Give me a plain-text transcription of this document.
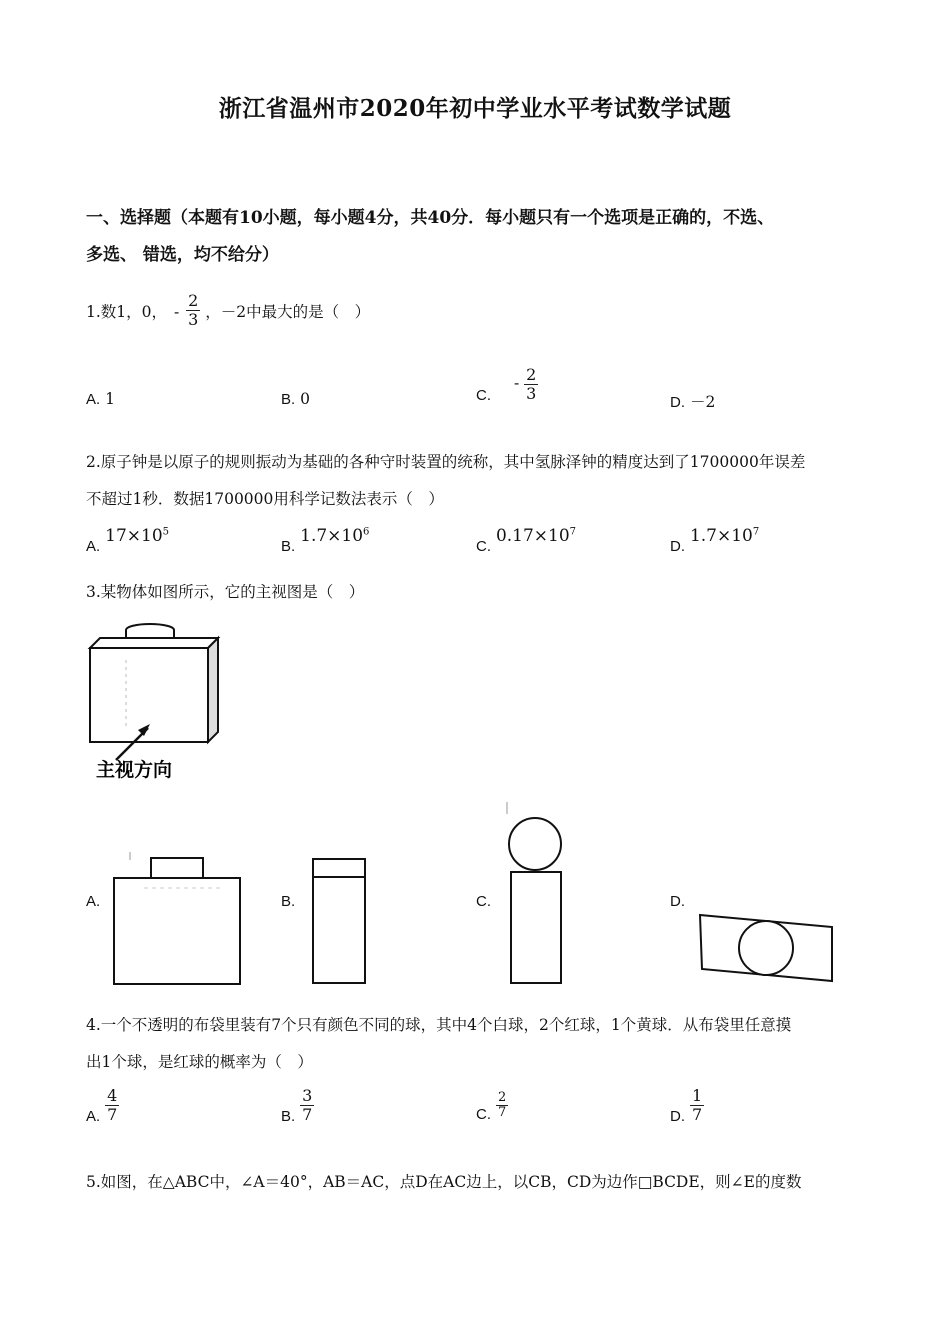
浙江省温州市2020年初中学业水平考试数学试题
一、选择题（本题有10小题，每小题4分，共40分．每小题只有一个选项是正确的，不选、
多选、 错选，均不给分）
1.数1，0， - $\frac{2}{3}$ ，－2中最大的是（　）
A. 1	B. 0	C. - $\frac{2}{3}$
D. －2
2.原子钟是以原子的规则振动为基础的各种守时装置的统称，其中氢脉泽钟的精度达到了1700000年误差
不超过1秒．数据1700000用科学记数法表示（　）
A. $17\times 10^5$
B. $1.7\times 10^6$
C. $0.17\times 10^7$
D. $1.7\times 10^7$
3.某物体如图所示，它的主视图是（　）
主视方向
A.	B.	C.	D.
4.一个不透明的布袋里装有7个只有颜色不同的球，其中4个白球，2个红球，1个黄球．从布袋里任意摸
出1个球，是红球的概率为（　）
A. $\frac{4}{7}$	B. $\frac{3}{7}$	C. $\frac{2}{7}$	D. $\frac{1}{7}$
5.如图，在△ABC中，∠A＝40°，AB＝AC，点D在AC边上，以CB，CD为边作□BCDE，则∠E的度数
